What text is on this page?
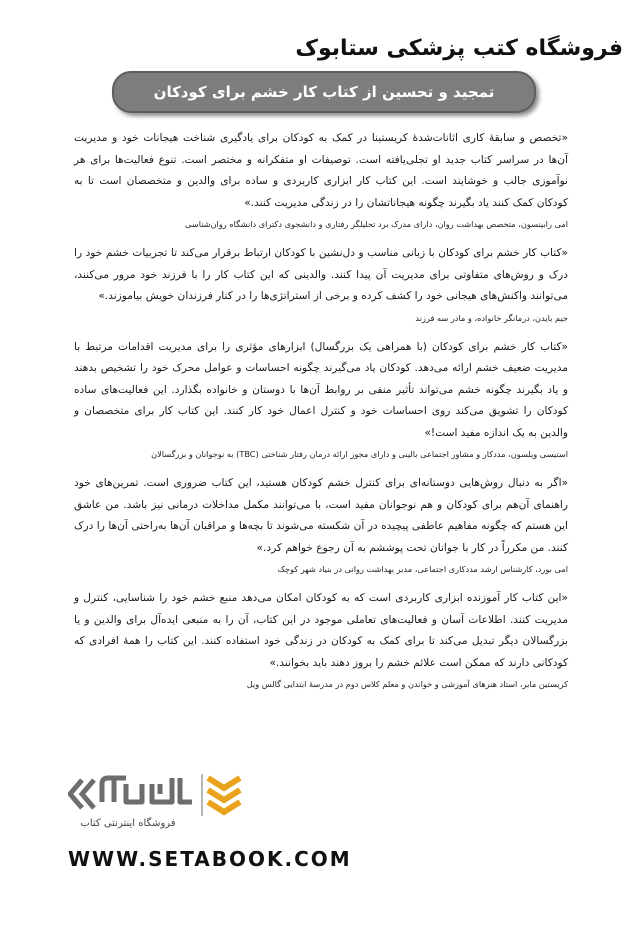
فروشگاه کتب پزشکی ستابوک
تمجید و تحسین از کتاب کار خشم برای کودکان

«تخصص و سابقهٔ کاری اثانات‌شدهٔ کریستینا در کمک به کودکان برای یادگیری شناخت هیجانات خود و مدیریت آن‌ها در سراسر کتاب جدید او تجلی‌یافته است. توصیفات او متفکرانه و مختصر است. تنوع فعالیت‌ها برای هر نوآموزی جالب و خوشایند است. این کتاب کار ابزاری کاربردی و ساده برای والدین و متخصصان است تا به کودکان کمک کنند یاد بگیرند چگونه هیجاناتشان را در زندگی مدیریت کنند.»

امی رابینسون، متخصص بهداشت روان، دارای مدرک برد تحلیلگر رفتاری و دانشجوی دکترای دانشگاه روان‌شناسی

«کتاب کار خشم برای کودکان با زبانی مناسب و دل‌نشین با کودکان ارتباط برقرار می‌کند تا تجربیات خشم خود را درک و روش‌های متفاوتی برای مدیریت آن پیدا کنند. والدینی که این کتاب کار را با فرزند خود مرور می‌کنند، می‌توانند واکنش‌های هیجانی خود را کشف کرده و برخی از استراتژی‌ها را در کنار فرزندان خویش بیاموزند.»

جیم بایدن، درمانگر خانواده، و مادر سه فرزند

«کتاب کار خشم برای کودکان (با همراهی یک بزرگسال) ابزارهای مؤثری را برای مدیریت اقدامات مرتبط با مدیریت ضعیف خشم ارائه می‌دهد. کودکان یاد می‌گیرند چگونه احساسات و عوامل محرک خود را تشخیص بدهند و یاد بگیرند چگونه خشم می‌تواند تأثیر منفی بر روابط آن‌ها با دوستان و خانواده بگذارد. این فعالیت‌های ساده کودکان را تشویق می‌کند روی احساسات خود و کنترل اعمال خود کار کنند. این کتاب کار برای متخصصان و والدین به یک اندازه مفید است!»

استیسی ویلسون، مددکار و مشاور اجتماعی بالینی و دارای مجوز ارائه درمان رفتار شناختی (TBC) به نوجوانان و بزرگسالان

«اگر به دنبال روش‌هایی دوستانه‌ای برای کنترل خشم کودکان هستید، این کتاب ضروری است. تمرین‌های خود راهنمای آن‌هم برای کودکان و هم نوجوانان مفید است، با می‌توانند مکمل مداخلات درمانی نیز باشد. من عاشق این هستم که چگونه مفاهیم عاطفی پیچیده در آن شکسته می‌شوند تا بچه‌ها و مراقبان آن‌ها به‌راحتی آن‌ها را درک کنند. من مکرراً در کار با جوانان تحت پوششم به آن رجوع خواهم کرد.»

امی بورد، کارشناس ارشد مددکاری اجتماعی، مدیر بهداشت روانی در بنیاد شهر کوچک

«این کتاب کار آموزنده ابزاری کاربردی است که به کودکان امکان می‌دهد منبع خشم خود را شناسایی، کنترل و مدیریت کنند. اطلاعات آسان و فعالیت‌های تعاملی موجود در این کتاب، آن را به منبعی ایده‌آل برای والدین و یا بزرگسالان دیگر تبدیل می‌کند تا برای کمک به کودکان در زندگی خود استفاده کنند. این کتاب را همهٔ افرادی که کودکانی دارند که ممکن است علائم خشم را بروز دهند باید بخوانند.»

کریستین مایر، استاد هنرهای آموزشی و خواندن و معلم کلاس دوم در مدرسهٔ ابتدایی گالس ویل

فروشگاه اینترنتی کتاب
WWW.SETABOOK.COM
